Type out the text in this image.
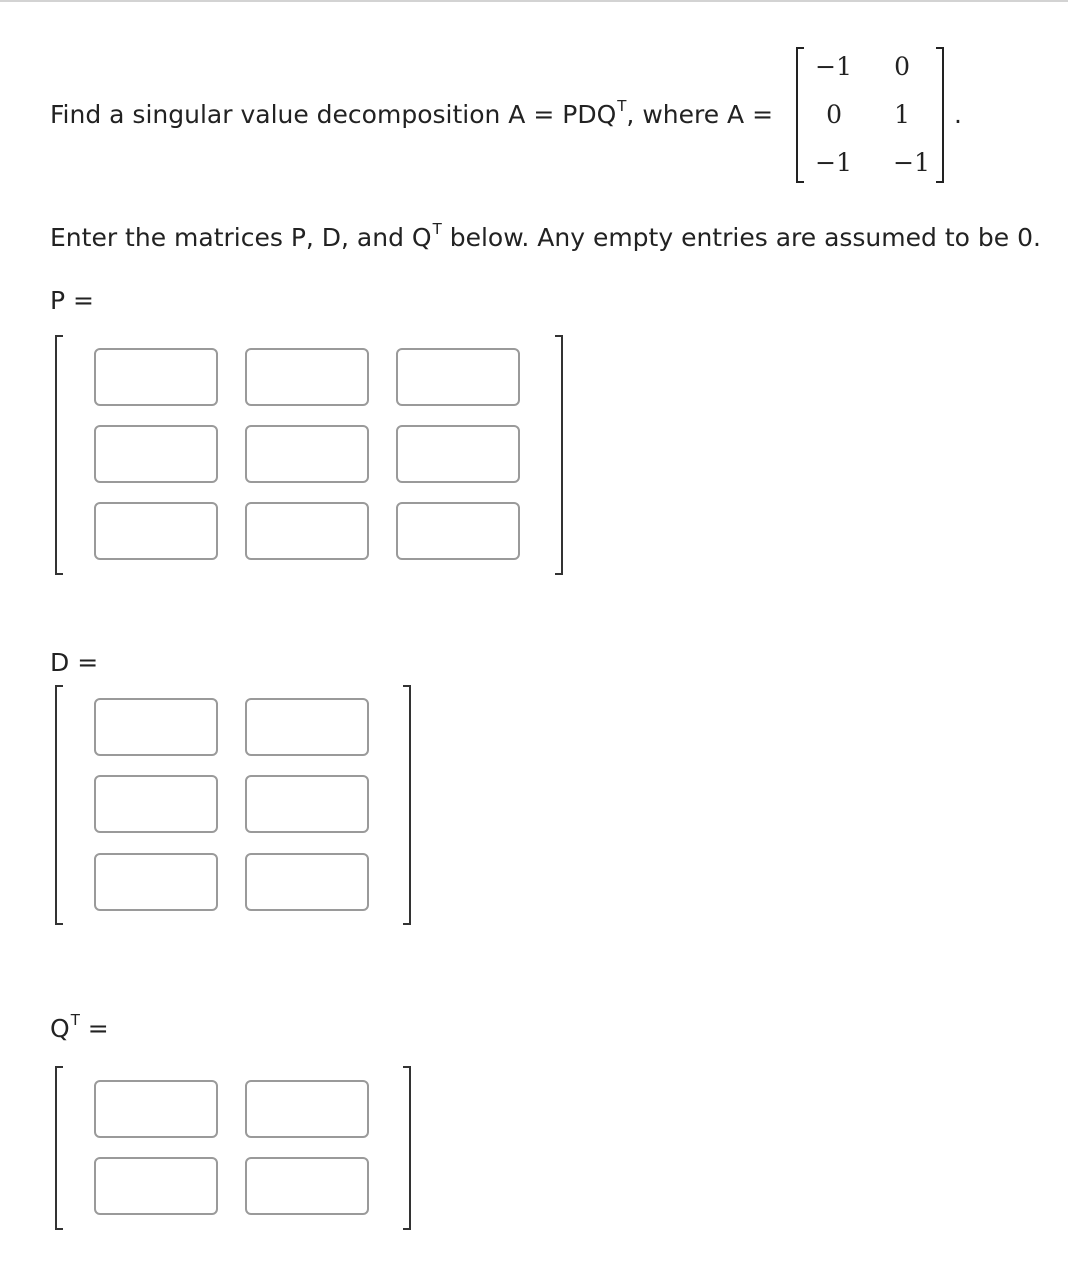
Find a singular value decomposition $A = PDQ^T$, where A =
−1	0
0	1
−1	−1
.
Enter the matrices P, D, and $Q^T$ below. Any empty entries are assumed to be 0.
P =
D =
$Q^T$ =
